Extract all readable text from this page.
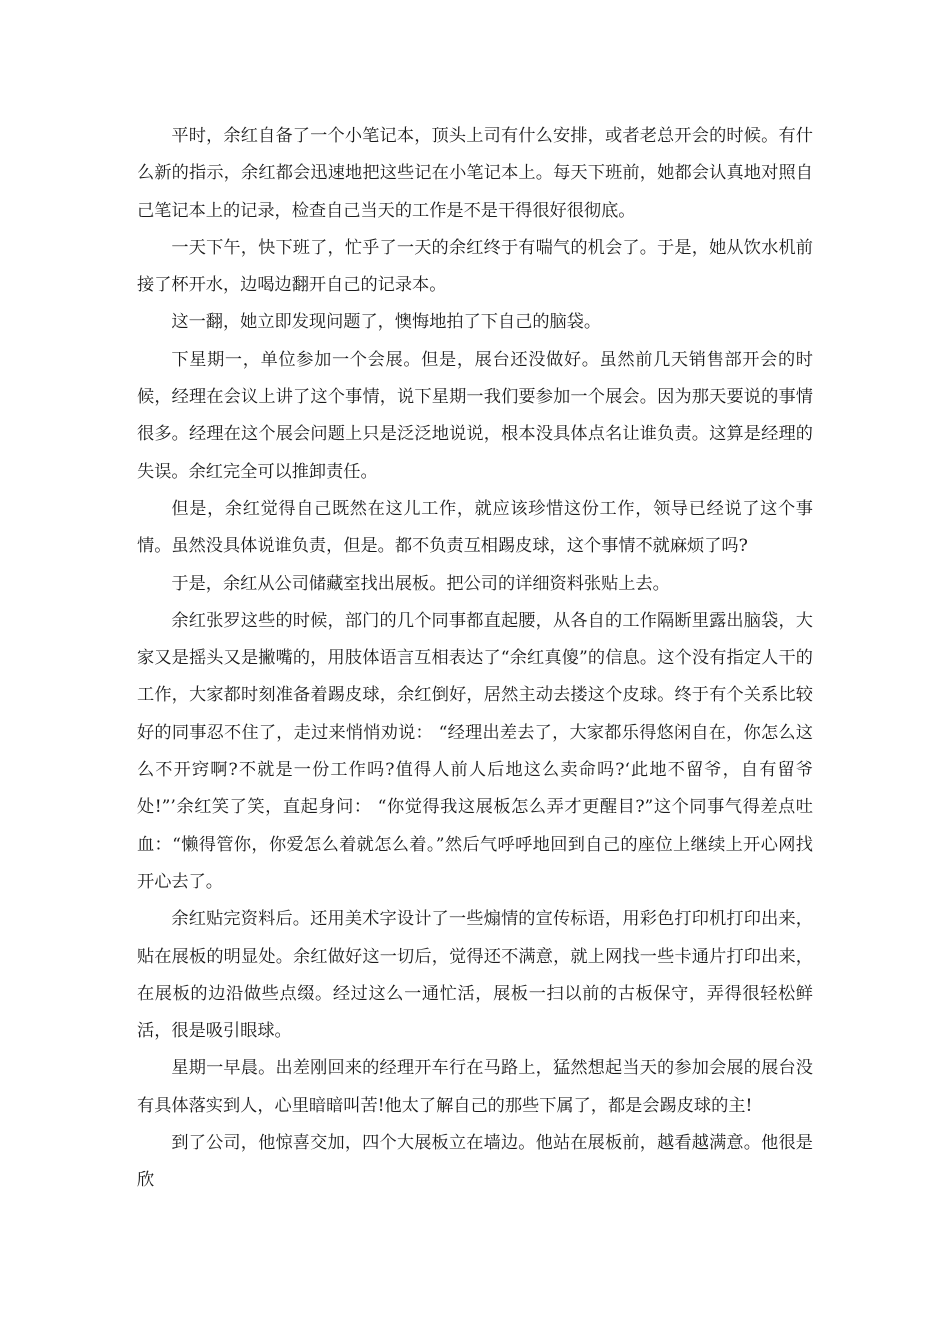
平时，余红自备了一个小笔记本，顶头上司有什么安排，或者老总开会的时候。有什么新的指示，余红都会迅速地把这些记在小笔记本上。每天下班前，她都会认真地对照自己笔记本上的记录，检查自己当天的工作是不是干得很好很彻底。

一天下午，快下班了，忙乎了一天的余红终于有喘气的机会了。于是，她从饮水机前接了杯开水，边喝边翻开自己的记录本。

这一翻，她立即发现问题了，懊悔地拍了下自己的脑袋。

下星期一，单位参加一个会展。但是，展台还没做好。虽然前几天销售部开会的时候，经理在会议上讲了这个事情，说下星期一我们要参加一个展会。因为那天要说的事情很多。经理在这个展会问题上只是泛泛地说说，根本没具体点名让谁负责。这算是经理的失误。余红完全可以推卸责任。

但是，余红觉得自己既然在这儿工作，就应该珍惜这份工作，领导已经说了这个事情。虽然没具体说谁负责，但是。都不负责互相踢皮球，这个事情不就麻烦了吗?

于是，余红从公司储藏室找出展板。把公司的详细资料张贴上去。

余红张罗这些的时候，部门的几个同事都直起腰，从各自的工作隔断里露出脑袋，大家又是摇头又是撇嘴的，用肢体语言互相表达了“余红真傻”的信息。这个没有指定人干的工作，大家都时刻准备着踢皮球，余红倒好，居然主动去搂这个皮球。终于有个关系比较好的同事忍不住了，走过来悄悄劝说： “经理出差去了，大家都乐得悠闲自在，你怎么这么不开窍啊?不就是一份工作吗?值得人前人后地这么卖命吗?‘此地不留爷，自有留爷处!”’余红笑了笑，直起身问： “你觉得我这展板怎么弄才更醒目?”这个同事气得差点吐血：“懒得管你，你爱怎么着就怎么着。”然后气呼呼地回到自己的座位上继续上开心网找开心去了。

余红贴完资料后。还用美术字设计了一些煽情的宣传标语，用彩色打印机打印出来，贴在展板的明显处。余红做好这一切后，觉得还不满意，就上网找一些卡通片打印出来，在展板的边沿做些点缀。经过这么一通忙活，展板一扫以前的古板保守，弄得很轻松鲜活，很是吸引眼球。

星期一早晨。出差刚回来的经理开车行在马路上，猛然想起当天的参加会展的展台没有具体落实到人，心里暗暗叫苦!他太了解自己的那些下属了，都是会踢皮球的主!

到了公司，他惊喜交加，四个大展板立在墙边。他站在展板前，越看越满意。他很是欣
